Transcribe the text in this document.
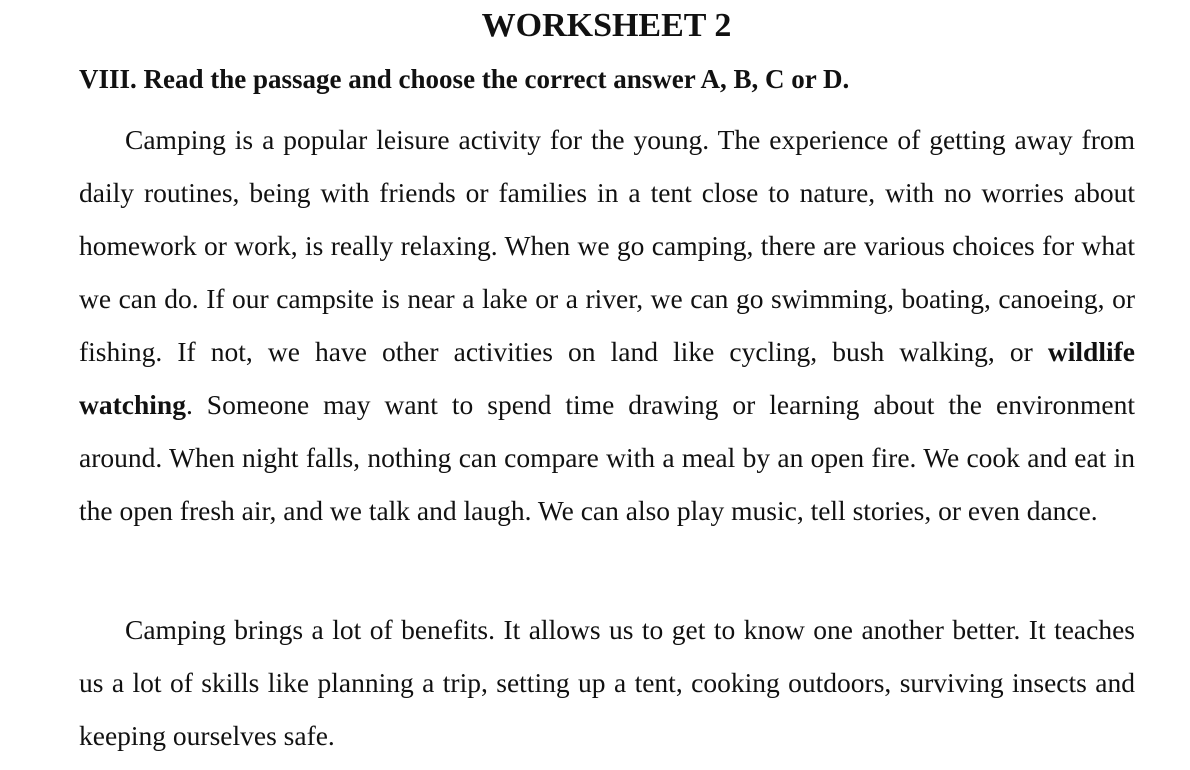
WORKSHEET 2

VIII. Read the passage and choose the correct answer A, B, C or D.

Camping is a popular leisure activity for the young. The experience of getting away from daily routines, being with friends or families in a tent close to nature, with no worries about homework or work, is really relaxing. When we go camping, there are various choices for what we can do. If our campsite is near a lake or a river, we can go swimming, boating, canoeing, or fishing. If not, we have other activities on land like cycling, bush walking, or wildlife watching. Someone may want to spend time drawing or learning about the environment around. When night falls, nothing can compare with a meal by an open fire. We cook and eat in the open fresh air, and we talk and laugh. We can also play music, tell stories, or even dance.

Camping brings a lot of benefits. It allows us to get to know one another better. It teaches us a lot of skills like planning a trip, setting up a tent, cooking outdoors, surviving insects and keeping ourselves safe.
